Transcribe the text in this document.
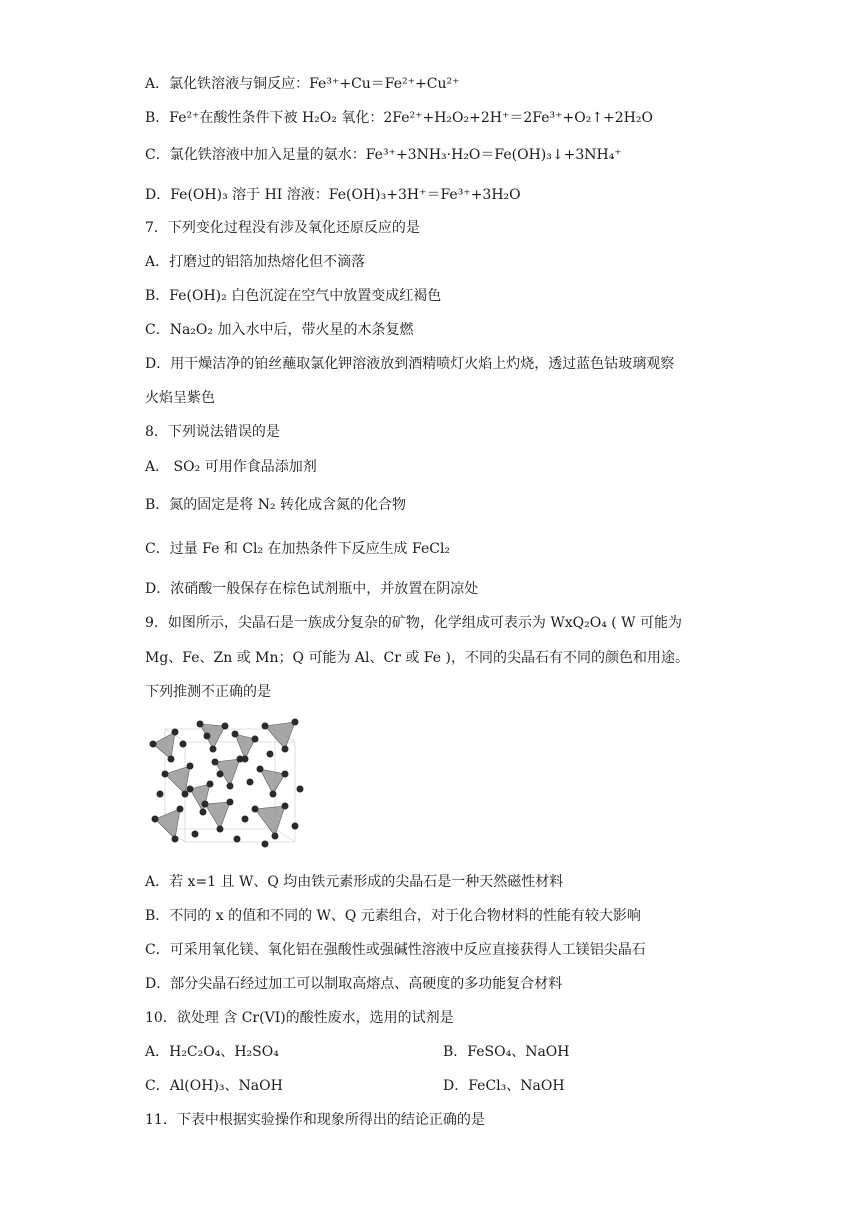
A．氯化铁溶液与铜反应：Fe³⁺+Cu＝Fe²⁺+Cu²⁺
B．Fe²⁺在酸性条件下被 H₂O₂ 氧化：2Fe²⁺+H₂O₂+2H⁺＝2Fe³⁺+O₂↑+2H₂O
C．氯化铁溶液中加入足量的氨水：Fe³⁺+3NH₃·H₂O＝Fe(OH)₃↓+3NH₄⁺
D．Fe(OH)₃ 溶于 HI 溶液：Fe(OH)₃+3H⁺＝Fe³⁺+3H₂O
7．下列变化过程没有涉及氧化还原反应的是
A．打磨过的铝箔加热熔化但不滴落
B．Fe(OH)₂ 白色沉淀在空气中放置变成红褐色
C．Na₂O₂ 加入水中后，带火星的木条复燃
D．用干燥洁净的铂丝蘸取氯化钾溶液放到酒精喷灯火焰上灼烧，透过蓝色钴玻璃观察
火焰呈紫色
8．下列说法错误的是
A． SO₂ 可用作食品添加剂
B．氮的固定是将 N₂ 转化成含氮的化合物
C．过量 Fe 和 Cl₂ 在加热条件下反应生成 FeCl₂
D．浓硝酸一般保存在棕色试剂瓶中，并放置在阴凉处
9．如图所示，尖晶石是一族成分复杂的矿物，化学组成可表示为 WxQ₂O₄ ( W 可能为
Mg、Fe、Zn 或 Mn；Q 可能为 Al、Cr 或 Fe )，不同的尖晶石有不同的颜色和用途。
下列推测不正确的是
A．若 x=1 且 W、Q 均由铁元素形成的尖晶石是一种天然磁性材料
B．不同的 x 的值和不同的 W、Q 元素组合，对于化合物材料的性能有较大影响
C．可采用氧化镁、氧化铝在强酸性或强碱性溶液中反应直接获得人工镁铝尖晶石
D．部分尖晶石经过加工可以制取高熔点、高硬度的多功能复合材料
10．欲处理 含 Cr(VI)的酸性废水，选用的试剂是
A．H₂C₂O₄、H₂SO₄	B．FeSO₄、NaOH
C．Al(OH)₃、NaOH	D．FeCl₃、NaOH
11．下表中根据实验操作和现象所得出的结论正确的是
